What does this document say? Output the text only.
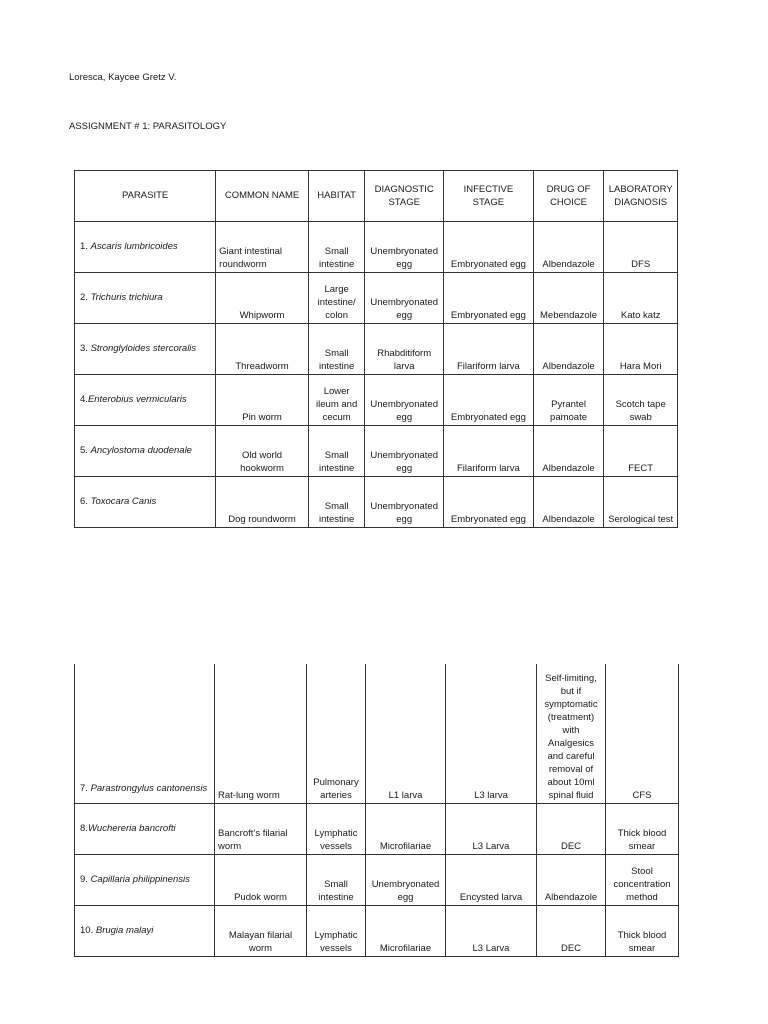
Loresca, Kaycee Gretz V.
ASSIGNMENT # 1: PARASITOLOGY
PARASITE	COMMON NAME	HABITAT	DIAGNOSTIC STAGE	INFECTIVE STAGE	DRUG OF CHOICE	LABORATORY DIAGNOSIS
1. Ascaris lumbricoides	Giant intestinal roundworm	Small intestine	Unembryonated egg	Embryonated egg	Albendazole	DFS
2. Trichuris trichiura	Whipworm	Large intestine/ colon	Unembryonated egg	Embryonated egg	Mebendazole	Kato katz
3. Stronglyloides stercoralis	Threadworm	Small intestine	Rhabditiform larva	Filariform larva	Albendazole	Hara Mori
4.Enterobius vermicularis	Pin worm	Lower ileum and cecum	Unembryonated egg	Embryonated egg	Pyrantel pamoate	Scotch tape swab
5. Ancylostoma duodenale	Old world hookworm	Small intestine	Unembryonated egg	Filariform larva	Albendazole	FECT
6. Toxocara Canis	Dog roundworm	Small intestine	Unembryonated egg	Embryonated egg	Albendazole	Serological test
7. Parastrongylus cantonensis	Rat-lung worm	Pulmonary arteries	L1 larva	L3 larva	Self-limiting, but if symptomatic (treatment) with Analgesics and careful removal of about 10ml spinal fluid	CFS
8.Wuchereria bancrofti	Bancroft’s filarial worm	Lymphatic vessels	Microfilariae	L3 Larva	DEC	Thick blood smear
9. Capillaria philippinensis	Pudok worm	Small intestine	Unembryonated egg	Encysted larva	Albendazole	Stool concentration method
10. Brugia malayi	Malayan filarial worm	Lymphatic vessels	Microfilariae	L3 Larva	DEC	Thick blood smear
